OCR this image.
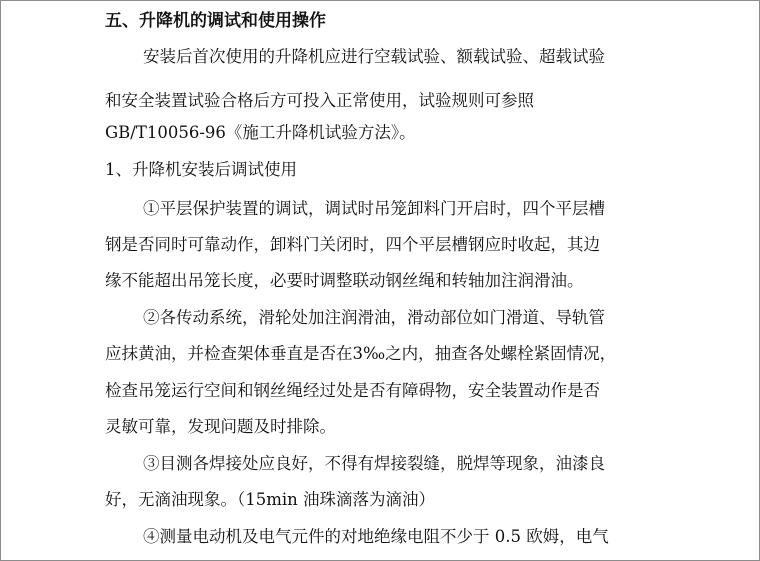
五、升降机的调试和使用操作
安装后首次使用的升降机应进行空载试验、额载试验、超载试验
和安全装置试验合格后方可投入正常使用，试验规则可参照
GB/T10056-96《施工升降机试验方法》。
1、升降机安装后调试使用
①平层保护装置的调试，调试时吊笼卸料门开启时，四个平层槽
钢是否同时可靠动作，卸料门关闭时，四个平层槽钢应时收起，其边
缘不能超出吊笼长度，必要时调整联动钢丝绳和转轴加注润滑油。
②各传动系统，滑轮处加注润滑油，滑动部位如门滑道、导轨管
应抹黄油，并检查架体垂直是否在3‰之内，抽查各处螺栓紧固情况，
检查吊笼运行空间和钢丝绳经过处是否有障碍物，安全装置动作是否
灵敏可靠，发现问题及时排除。
③目测各焊接处应良好，不得有焊接裂缝，脱焊等现象，油漆良
好，无滴油现象。（15min 油珠滴落为滴油）
④测量电动机及电气元件的对地绝缘电阻不少于 0.5 欧姆，电气
